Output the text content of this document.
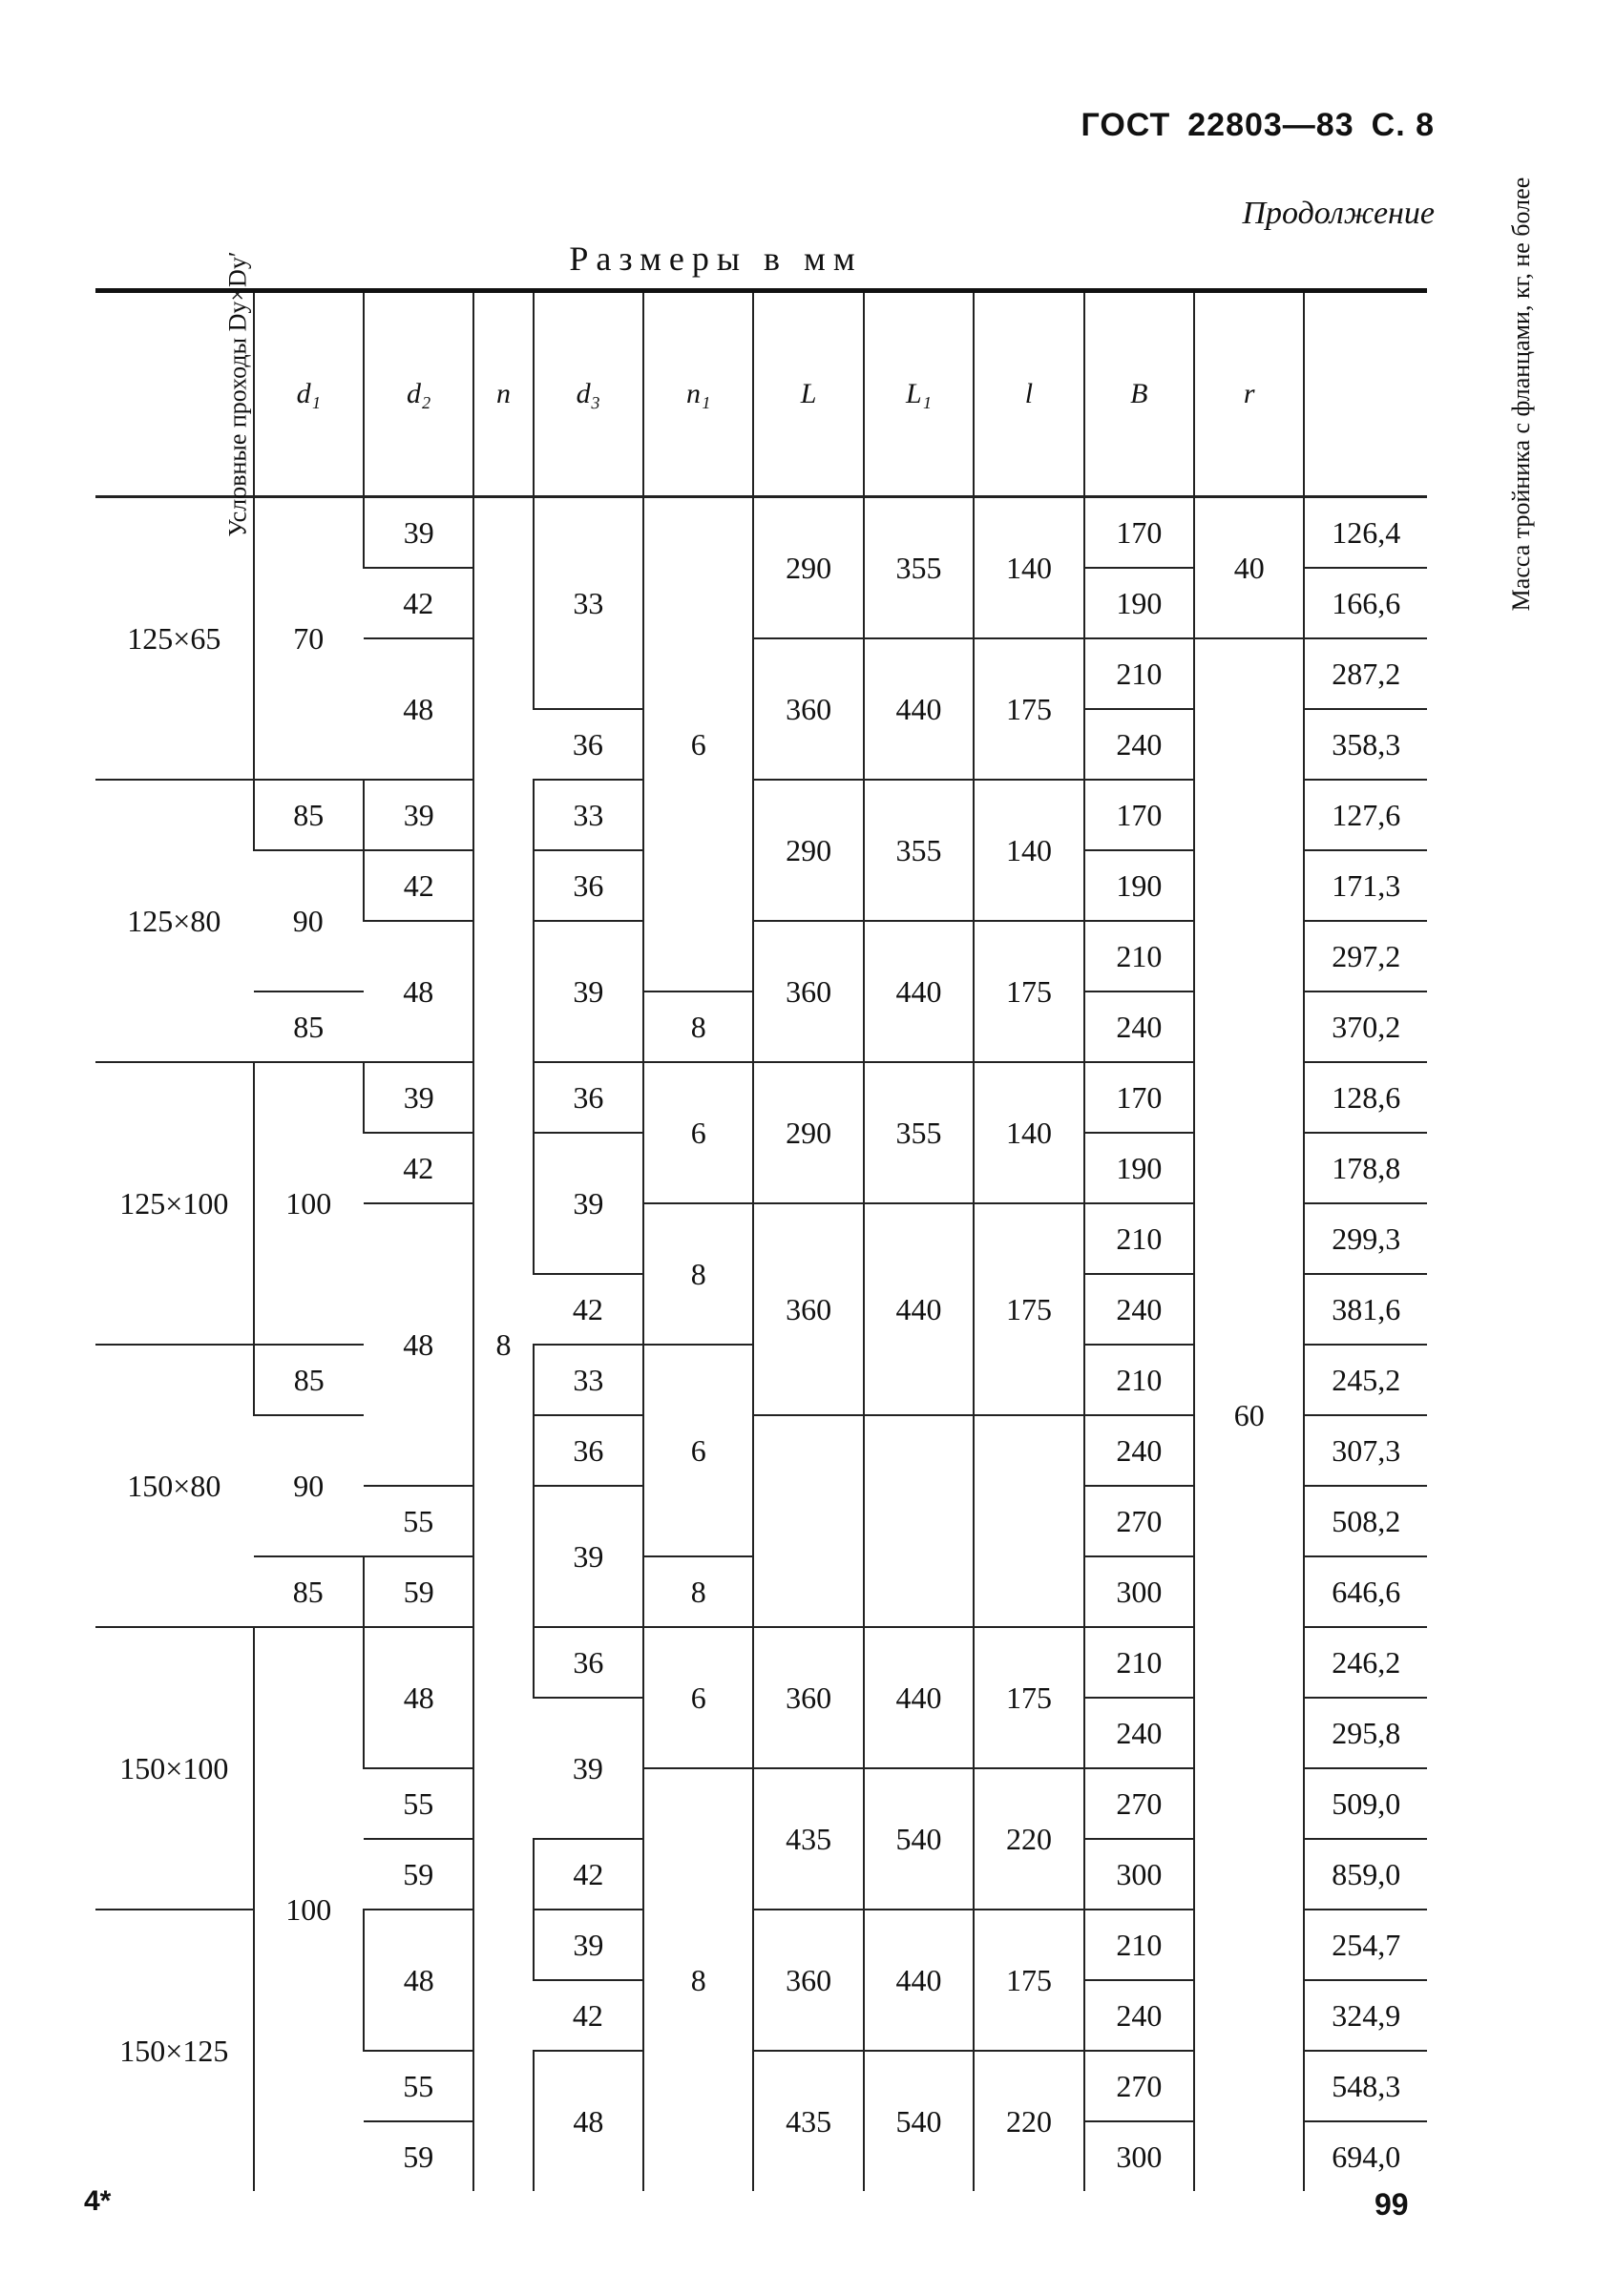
ГОСТ 22803—83 С. 8
Продолжение
Размеры в мм
Условные проходы Dy×Dy′	d₁	d₂	n	d₃	n₁	L	L₁	l	B	r	Масса тройника с фланцами, кг, не более
125×65	70	39	8	33	6	290	355	140	170	40	126,4
		42							190		166,6
		48				360	440	175	210	60	287,2
				36					240		358,3
125×80	85	39		33		290	355	140	170		127,6
	90	42		36					190		171,3
		48		39		360	440	175	210		297,2
	85				8				240		370,2
125×100	100	39		36	6	290	355	140	170		128,6
		42		39					190		178,8
		48			8	360	440	175	210		299,3
				42					240		381,6
150×80	85			33	6				210		245,2
	90			36					240		307,3
		55		39					270		508,2
	85	59			8				300		646,6
150×100	100	48		36	6	360	440	175	210		246,2
				39					240		295,8
		55			8	435	540	220	270		509,0
		59		42					300		859,0
150×125		48		39		360	440	175	210		254,7
				42					240		324,9
		55		48		435	540	220	270		548,3
		59							300		694,0
4*	99
